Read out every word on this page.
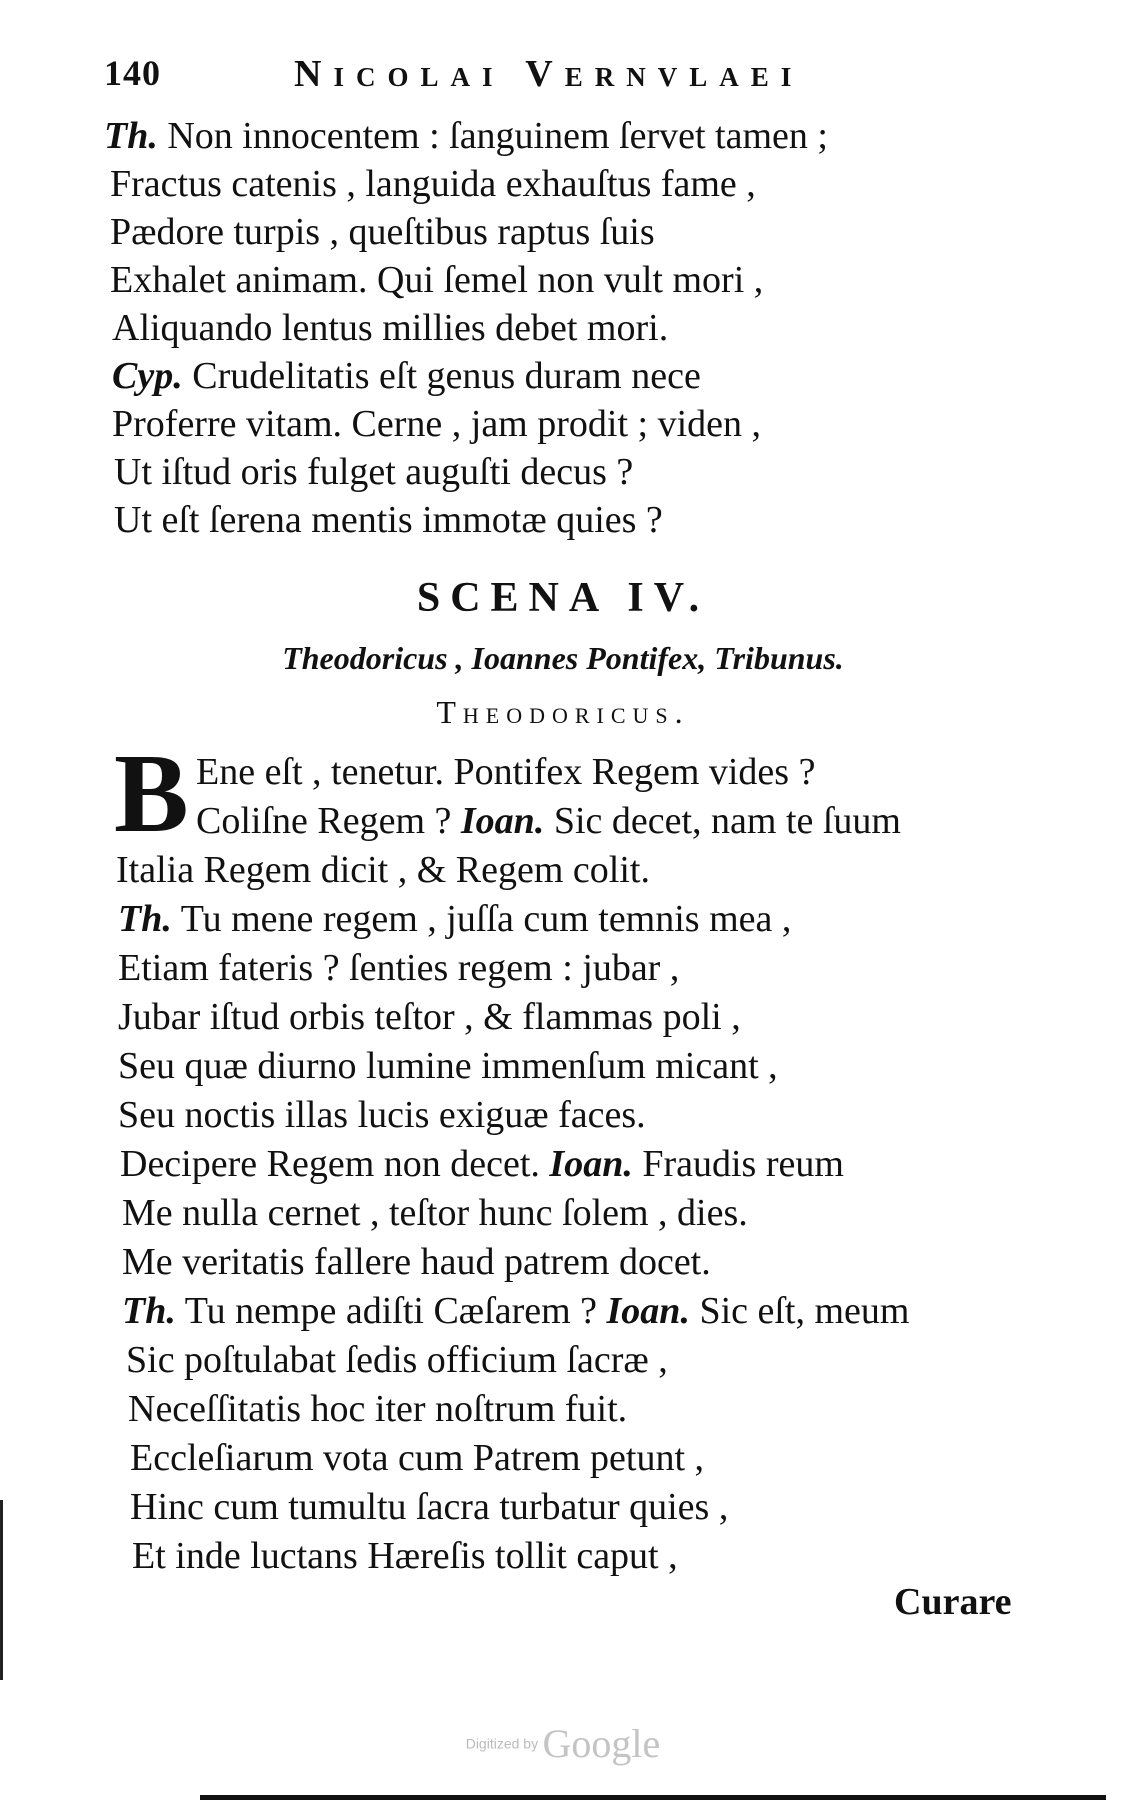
140	Nicolai Vernvlaei
Th. Non innocentem : ſanguinem ſervet tamen ;
Fractus catenis , languida exhauſtus fame ,
Pædore turpis , queſtibus raptus ſuis
Exhalet animam. Qui ſemel non vult mori ,
Aliquando lentus millies debet mori.
Cyp. Crudelitatis eſt genus duram nece
Proferre vitam. Cerne , jam prodit ; viden ,
Ut iſtud oris fulget auguſti decus ?
Ut eſt ſerena mentis immotæ quies ?
SCENA IV.
Theodoricus , Ioannes Pontifex, Tribunus.
Theodoricus.
B Ene eſt , tenetur. Pontifex Regem vides ?
Coliſne Regem ? Ioan. Sic decet, nam te ſuum
Italia Regem dicit , & Regem colit.
Th. Tu mene regem , juſſa cum temnis mea ,
Etiam fateris ? ſenties regem : jubar ,
Jubar iſtud orbis teſtor , & flammas poli ,
Seu quæ diurno lumine immenſum micant ,
Seu noctis illas lucis exiguæ faces.
Decipere Regem non decet. Ioan. Fraudis reum
Me nulla cernet , teſtor hunc ſolem , dies.
Me veritatis fallere haud patrem docet.
Th. Tu nempe adiſti Cæſarem ? Ioan. Sic eſt, meum
Sic poſtulabat ſedis officium ſacræ ,
Neceſſitatis hoc iter noſtrum fuit.
Eccleſiarum vota cum Patrem petunt ,
Hinc cum tumultu ſacra turbatur quies ,
Et inde luctans Hæreſis tollit caput ,
Curare
Digitized by Google
